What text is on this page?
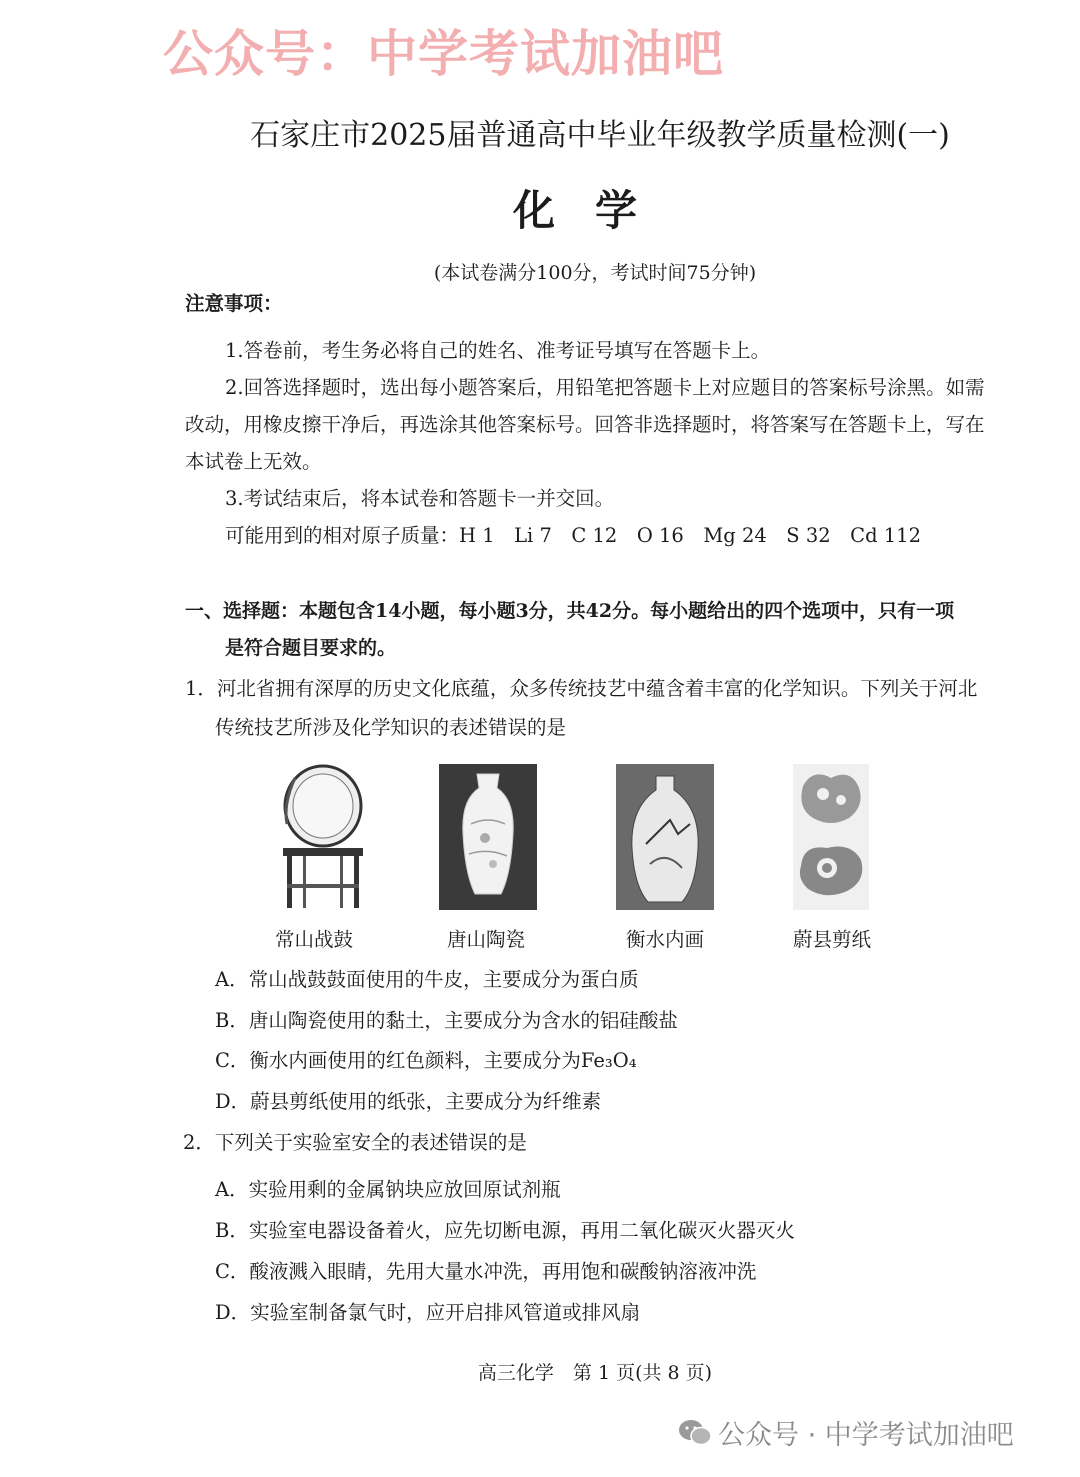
公众号：中学考试加油吧
石家庄市2025届普通高中毕业年级教学质量检测(一)
化学
(本试卷满分100分，考试时间75分钟)
注意事项：
1.答卷前，考生务必将自己的姓名、准考证号填写在答题卡上。
2.回答选择题时，选出每小题答案后，用铅笔把答题卡上对应题目的答案标号涂黑。如需
改动，用橡皮擦干净后，再选涂其他答案标号。回答非选择题时，将答案写在答题卡上，写在
本试卷上无效。
3.考试结束后，将本试卷和答题卡一并交回。
可能用到的相对原子质量：H 1　Li 7　C 12　O 16　Mg 24　S 32　Cd 112
一、选择题：本题包含14小题，每小题3分，共42分。每小题给出的四个选项中，只有一项
是符合题目要求的。
1．河北省拥有深厚的历史文化底蕴，众多传统技艺中蕴含着丰富的化学知识。下列关于河北
传统技艺所涉及化学知识的表述错误的是
常山战鼓	唐山陶瓷	衡水内画	蔚县剪纸
A．常山战鼓鼓面使用的牛皮，主要成分为蛋白质
B．唐山陶瓷使用的黏土，主要成分为含水的铝硅酸盐
C．衡水内画使用的红色颜料，主要成分为Fe₃O₄
D．蔚县剪纸使用的纸张，主要成分为纤维素
2．下列关于实验室安全的表述错误的是
A．实验用剩的金属钠块应放回原试剂瓶
B．实验室电器设备着火，应先切断电源，再用二氧化碳灭火器灭火
C．酸液溅入眼睛，先用大量水冲洗，再用饱和碳酸钠溶液冲洗
D．实验室制备氯气时，应开启排风管道或排风扇
高三化学　第 1 页(共 8 页)
公众号 · 中学考试加油吧
